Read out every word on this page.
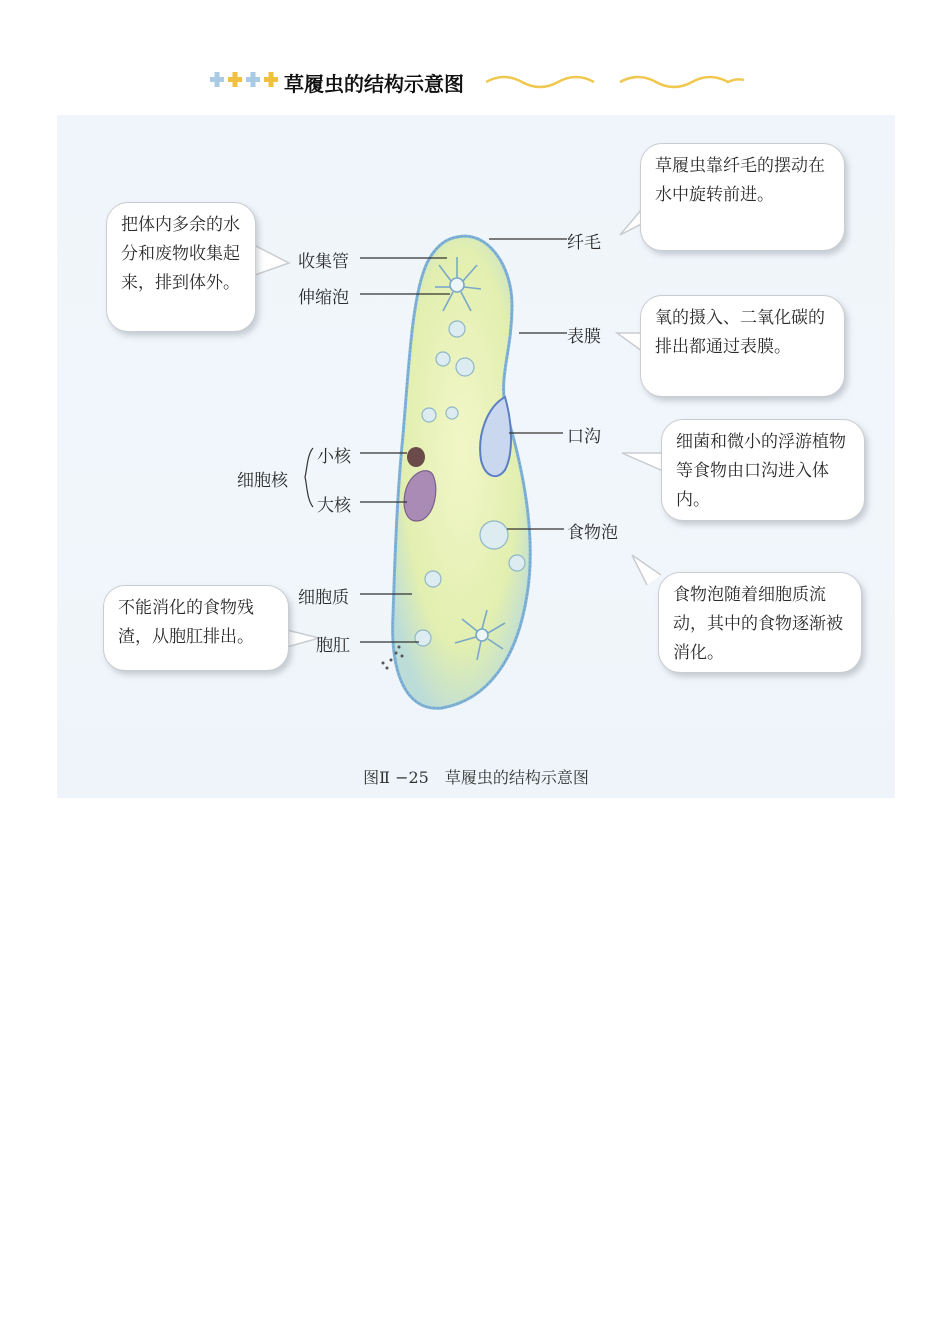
草履虫的结构示意图
纤毛
收集管
伸缩泡
表膜
口沟
细胞核
小核
大核
食物泡
细胞质
胞肛
把体内多余的水分和废物收集起来，排到体外。
草履虫靠纤毛的摆动在水中旋转前进。
氧的摄入、二氧化碳的排出都通过表膜。
细菌和微小的浮游植物等食物由口沟进入体内。
食物泡随着细胞质流动，其中的食物逐渐被消化。
不能消化的食物残渣，从胞肛排出。
图Ⅱ −25　草履虫的结构示意图
